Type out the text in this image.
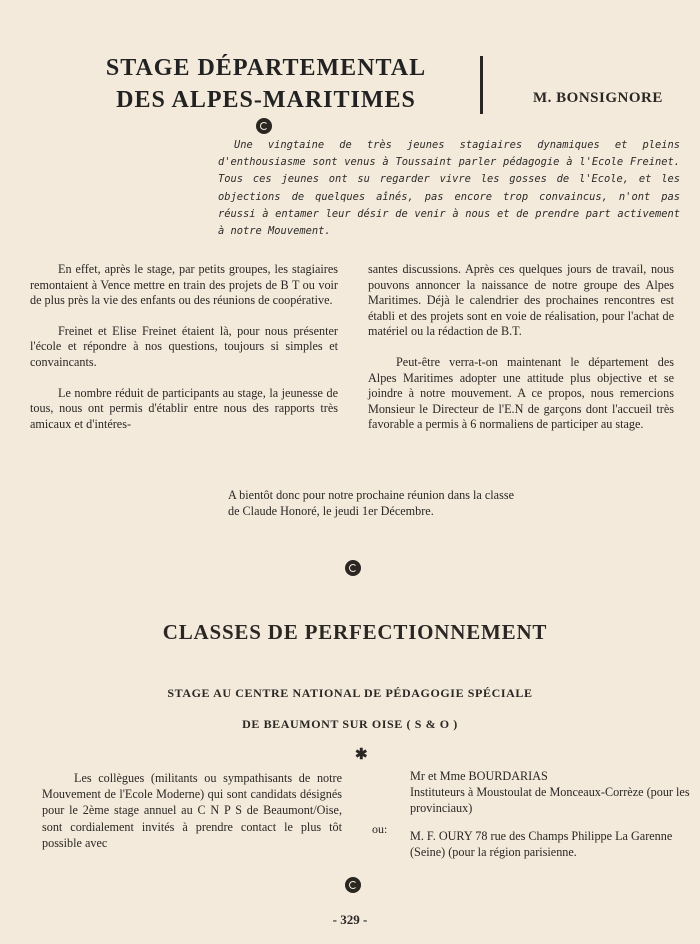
STAGE DÉPARTEMENTAL
DES ALPES-MARITIMES	M. BONSIGNORE

Une vingtaine de très jeunes stagiaires dynamiques et pleins d'enthousiasme sont venus à Toussaint parler pédagogie à l'Ecole Freinet. Tous ces jeunes ont su regarder vivre les gosses de l'Ecole, et les objections de quelques aînés, pas encore trop convaincus, n'ont pas réussi à entamer leur désir de venir à nous et de prendre part activement à notre Mouvement.

En effet, après le stage, par petits groupes, les stagiaires remontaient à Vence mettre en train des projets de B T ou voir de plus près la vie des enfants ou des réunions de coopérative.

Freinet et Elise Freinet étaient là, pour nous présenter l'école et répondre à nos questions, toujours si simples et convaincants.

Le nombre réduit de participants au stage, la jeunesse de tous, nous ont permis d'établir entre nous des rapports très amicaux et d'intéres-

santes discussions. Après ces quelques jours de travail, nous pouvons annoncer la naissance de notre groupe des Alpes Maritimes. Déjà le calendrier des prochaines rencontres est établi et des projets sont en voie de réalisation, pour l'achat de matériel ou la rédaction de B.T.

Peut-être verra-t-on maintenant le département des Alpes Maritimes adopter une attitude plus objective et se joindre à notre mouvement. A ce propos, nous remercions Monsieur le Directeur de l'E.N de garçons dont l'accueil très favorable a permis à 6 normaliens de participer au stage.

A bientôt donc pour notre prochaine réunion dans la classe de Claude Honoré, le jeudi 1er Décembre.

CLASSES DE PERFECTIONNEMENT
STAGE AU CENTRE NATIONAL DE PÉDAGOGIE SPÉCIALE
DE BEAUMONT SUR OISE ( S & O )
✱

Les collègues (militants ou sympathisants de notre Mouvement de l'Ecole Moderne) qui sont candidats désignés pour le 2ème stage annuel au C N P S de Beaumont/Oise, sont cordialement invités à prendre contact le plus tôt possible avec

ou:

Mr et Mme BOURDARIAS
Instituteurs à Moustoulat de Monceaux-Corrèze (pour les provinciaux)

M. F. OURY 78 rue des Champs Philippe La Garenne (Seine) (pour la région parisienne.

- 329 -
